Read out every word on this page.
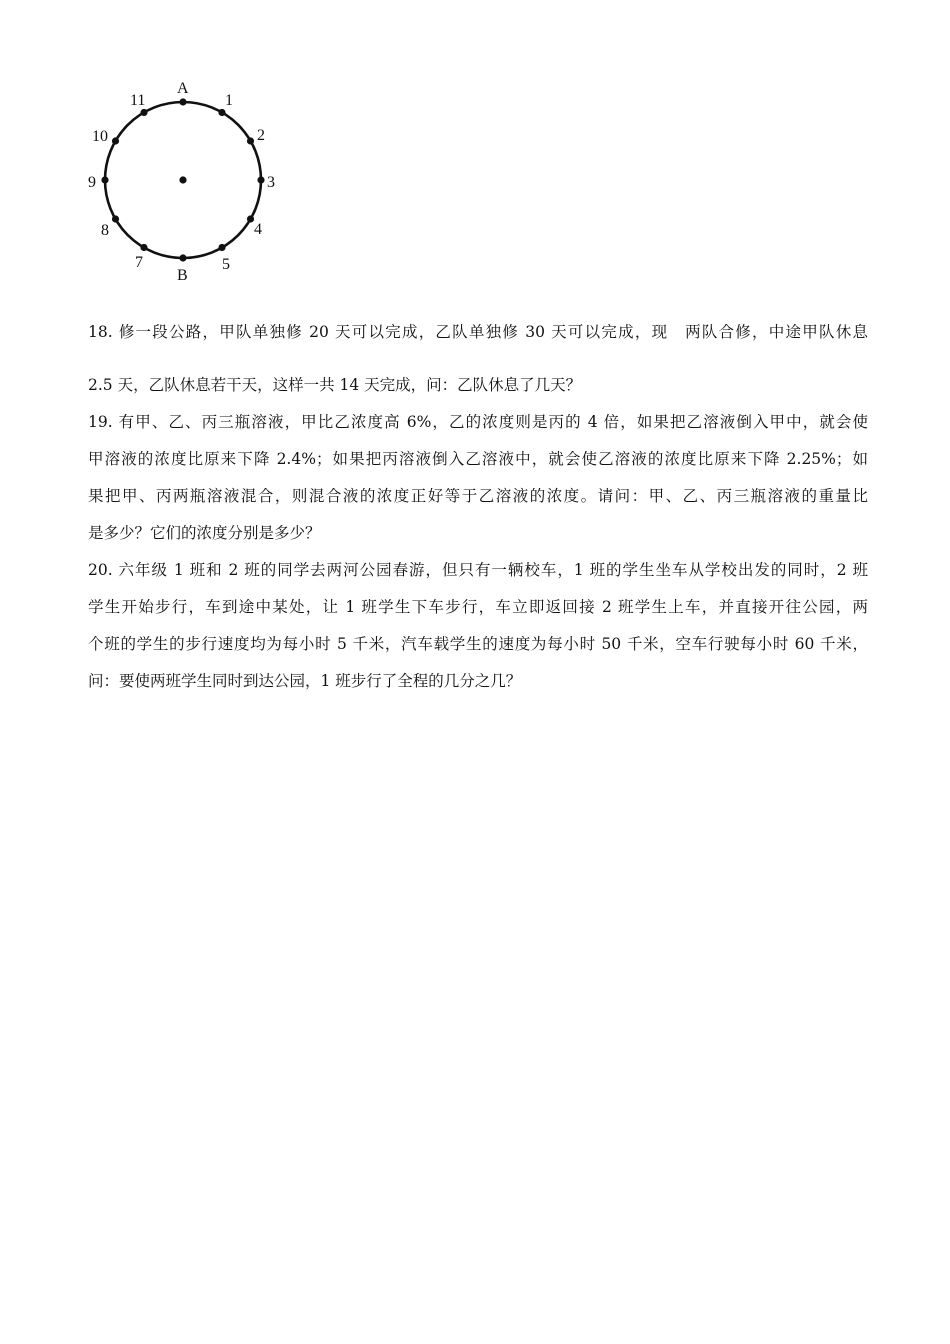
A
1
2
3
4
5
B
7
8
9
10
11
18. 修一段公路，甲队单独修 20 天可以完成，乙队单独修 30 天可以完成，现　两队合修，中途甲队休息
2.5 天，乙队休息若干天，这样一共 14 天完成，问：乙队休息了几天？
19. 有甲、乙、丙三瓶溶液，甲比乙浓度高 6%，乙的浓度则是丙的 4 倍，如果把乙溶液倒入甲中，就会使
甲溶液的浓度比原来下降 2.4%；如果把丙溶液倒入乙溶液中，就会使乙溶液的浓度比原来下降 2.25%；如
果把甲、丙两瓶溶液混合，则混合液的浓度正好等于乙溶液的浓度。请问：甲、乙、丙三瓶溶液的重量比
是多少？它们的浓度分别是多少？
20. 六年级 1 班和 2 班的同学去两河公园春游，但只有一辆校车，1 班的学生坐车从学校出发的同时，2 班
学生开始步行，车到途中某处，让 1 班学生下车步行，车立即返回接 2 班学生上车，并直接开往公园，两
个班的学生的步行速度均为每小时 5 千米，汽车载学生的速度为每小时 50 千米，空车行驶每小时 60 千米，
问：要使两班学生同时到达公园，1 班步行了全程的几分之几？
